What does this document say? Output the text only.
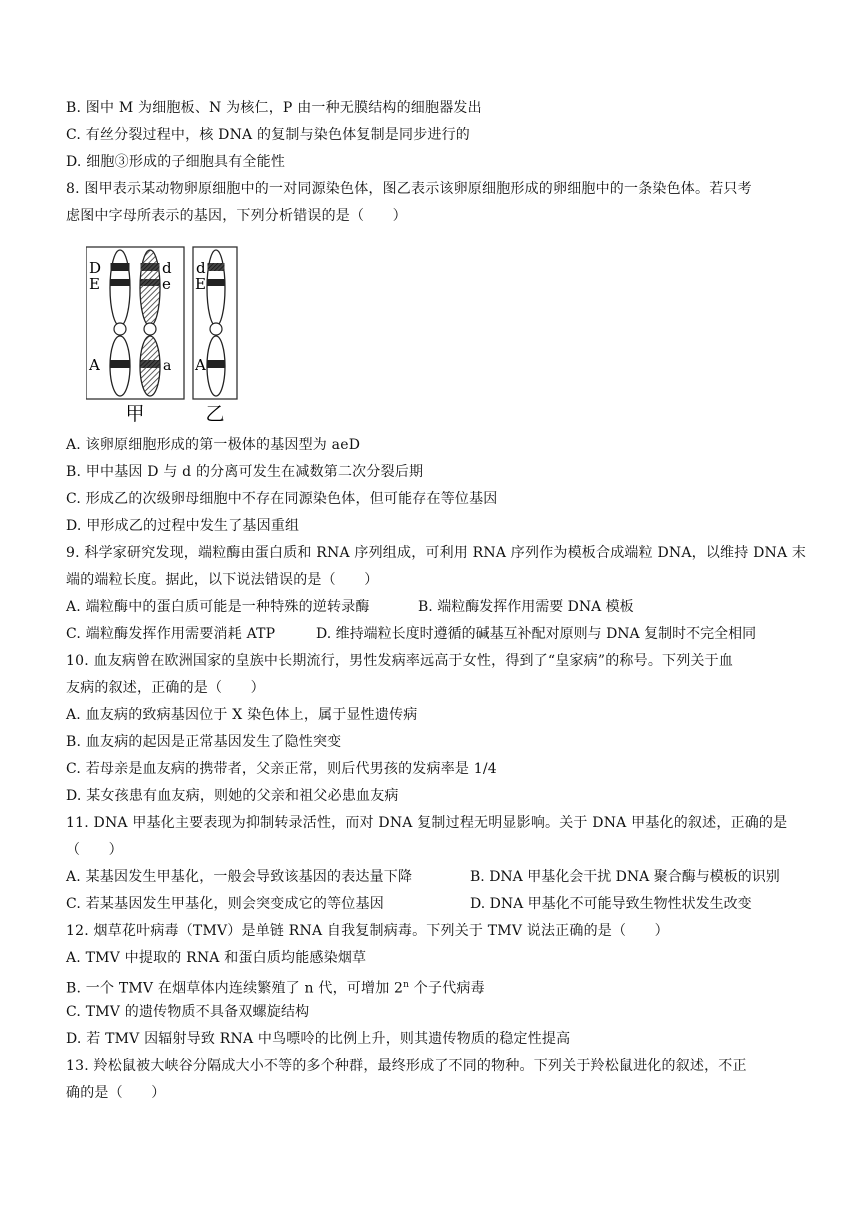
B. 图中 M 为细胞板、N 为核仁，P 由一种无膜结构的细胞器发出
C. 有丝分裂过程中，核 DNA 的复制与染色体复制是同步进行的
D. 细胞③形成的子细胞具有全能性
8. 图甲表示某动物卵原细胞中的一对同源染色体，图乙表示该卵原细胞形成的卵细胞中的一条染色体。若只考
虑图中字母所表示的基因，下列分析错误的是（　　）
D
E
A
d
e
a
d
E
A
甲	乙
A. 该卵原细胞形成的第一极体的基因型为 aeD
B. 甲中基因 D 与 d 的分离可发生在减数第二次分裂后期
C. 形成乙的次级卵母细胞中不存在同源染色体，但可能存在等位基因
D. 甲形成乙的过程中发生了基因重组
9. 科学家研究发现，端粒酶由蛋白质和 RNA 序列组成，可利用 RNA 序列作为模板合成端粒 DNA，以维持 DNA 末
端的端粒长度。据此，以下说法错误的是（　　）
A. 端粒酶中的蛋白质可能是一种特殊的逆转录酶	B. 端粒酶发挥作用需要 DNA 模板
C. 端粒酶发挥作用需要消耗 ATP	D. 维持端粒长度时遵循的碱基互补配对原则与 DNA 复制时不完全相同
10. 血友病曾在欧洲国家的皇族中长期流行，男性发病率远高于女性，得到了“皇家病”的称号。下列关于血
友病的叙述，正确的是（　　）
A. 血友病的致病基因位于 X 染色体上，属于显性遗传病
B. 血友病的起因是正常基因发生了隐性突变
C. 若母亲是血友病的携带者，父亲正常，则后代男孩的发病率是 1/4
D. 某女孩患有血友病，则她的父亲和祖父必患血友病
11. DNA 甲基化主要表现为抑制转录活性，而对 DNA 复制过程无明显影响。关于 DNA 甲基化的叙述，正确的是
（　　）
A. 某基因发生甲基化，一般会导致该基因的表达量下降	B. DNA 甲基化会干扰 DNA 聚合酶与模板的识别
C. 若某基因发生甲基化，则会突变成它的等位基因	D. DNA 甲基化不可能导致生物性状发生改变
12. 烟草花叶病毒（TMV）是单链 RNA 自我复制病毒。下列关于 TMV 说法正确的是（　　）
A. TMV 中提取的 RNA 和蛋白质均能感染烟草
B. 一个 TMV 在烟草体内连续繁殖了 n 代，可增加 2$^n$ 个子代病毒
C. TMV 的遗传物质不具备双螺旋结构
D. 若 TMV 因辐射导致 RNA 中鸟嘌呤的比例上升，则其遗传物质的稳定性提高
13. 羚松鼠被大峡谷分隔成大小不等的多个种群，最终形成了不同的物种。下列关于羚松鼠进化的叙述，不正
确的是（　　）
